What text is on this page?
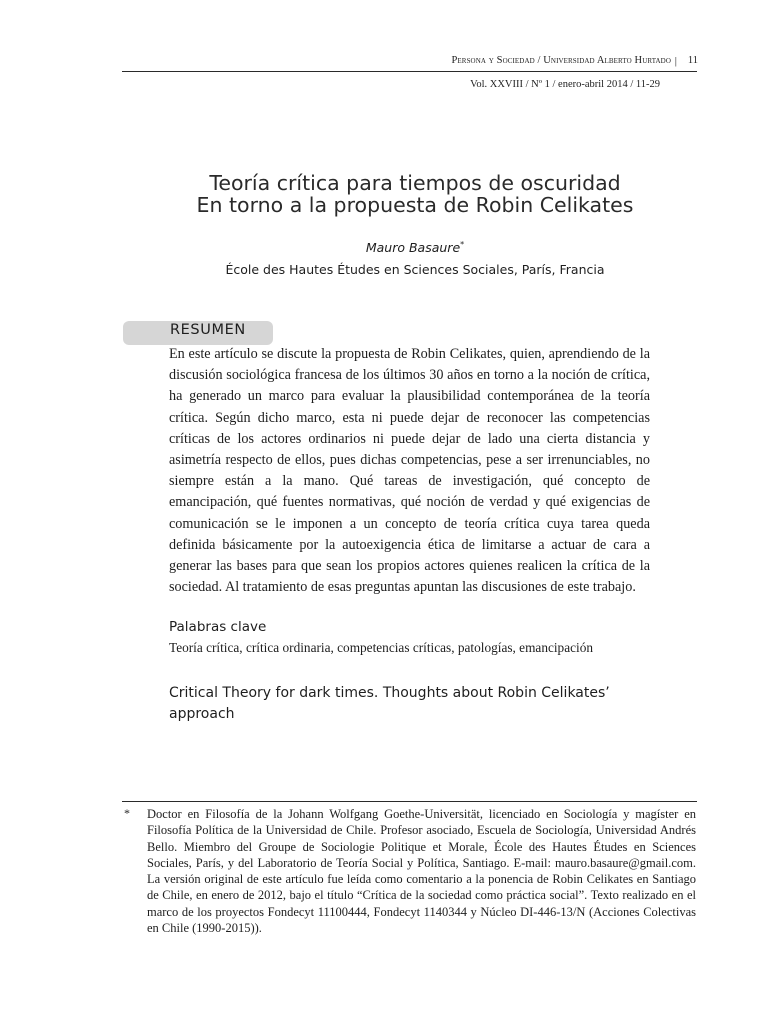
Persona y Sociedad / Universidad Alberto Hurtado | 11
Vol. XXVIII / Nº 1 / enero-abril 2014 / 11-29
Teoría crítica para tiempos de oscuridad
En torno a la propuesta de Robin Celikates
Mauro Basaure*
École des Hautes Études en Sciences Sociales, París, Francia
RESUMEN
En este artículo se discute la propuesta de Robin Celikates, quien, aprendiendo de la discusión sociológica francesa de los últimos 30 años en torno a la noción de crítica, ha generado un marco para evaluar la plausibilidad contemporánea de la teoría crítica. Según dicho marco, esta ni puede dejar de reconocer las competencias críticas de los actores ordinarios ni puede dejar de lado una cierta distancia y asimetría respecto de ellos, pues dichas competencias, pese a ser irrenunciables, no siempre están a la mano. Qué tareas de investigación, qué concepto de emancipación, qué fuentes normativas, qué noción de verdad y qué exigencias de comunicación se le imponen a un concepto de teoría crítica cuya tarea queda definida básicamente por la autoexigencia ética de limitarse a actuar de cara a generar las bases para que sean los propios actores quienes realicen la crítica de la sociedad. Al tratamiento de esas preguntas apuntan las discusiones de este trabajo.
Palabras clave
Teoría crítica, crítica ordinaria, competencias críticas, patologías, emancipación
Critical Theory for dark times. Thoughts about Robin Celikates’ approach
* Doctor en Filosofía de la Johann Wolfgang Goethe-Universität, licenciado en Sociología y magíster en Filosofía Política de la Universidad de Chile. Profesor asociado, Escuela de Sociología, Universidad Andrés Bello. Miembro del Groupe de Sociologie Politique et Morale, École des Hautes Études en Sciences Sociales, París, y del Laboratorio de Teoría Social y Política, Santiago. E-mail: mauro.basaure@gmail.com. La versión original de este artículo fue leída como comentario a la ponencia de Robin Celikates en Santiago de Chile, en enero de 2012, bajo el título “Crítica de la sociedad como práctica social”. Texto realizado en el marco de los proyectos Fondecyt 11100444, Fondecyt 1140344 y Núcleo DI-446-13/N (Acciones Colectivas en Chile (1990-2015)).
